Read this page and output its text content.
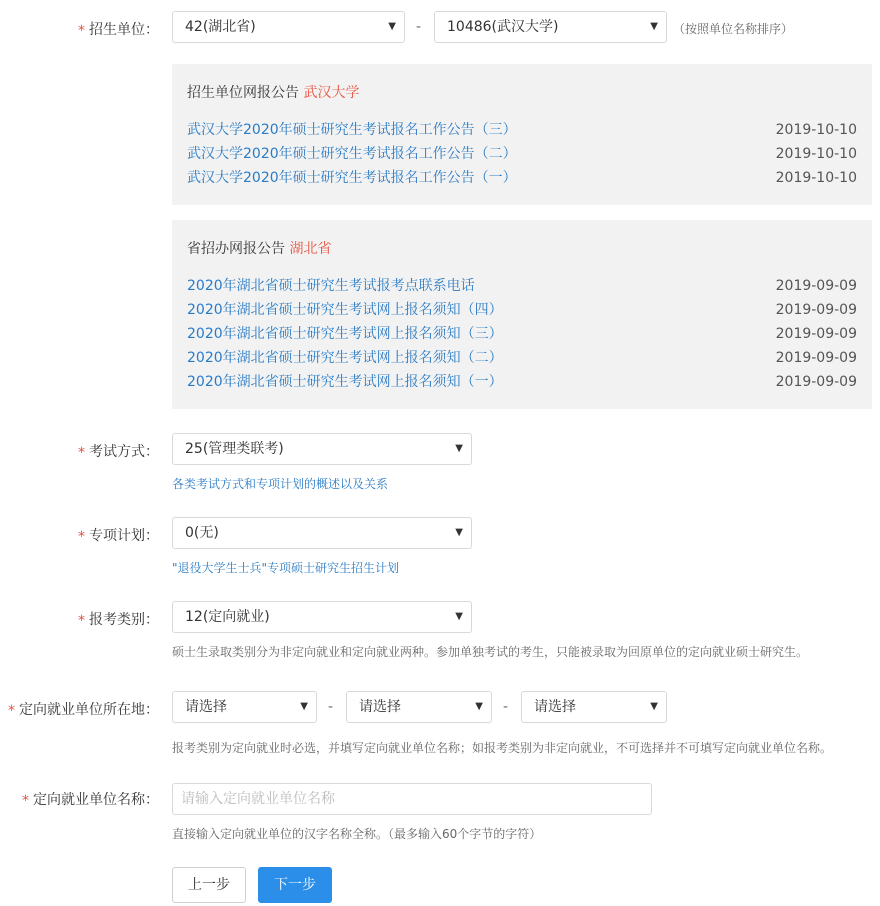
* 招生单位：	42(湖北省)	▼ -	10486(武汉大学)	▼ （按照单位名称排序）
招生单位网报公告 武汉大学
武汉大学2020年硕士研究生考试报名工作公告（三）	2019-10-10
武汉大学2020年硕士研究生考试报名工作公告（二）	2019-10-10
武汉大学2020年硕士研究生考试报名工作公告（一）	2019-10-10
省招办网报公告 湖北省
2020年湖北省硕士研究生考试报考点联系电话	2019-09-09
2020年湖北省硕士研究生考试网上报名须知（四）	2019-09-09
2020年湖北省硕士研究生考试网上报名须知（三）	2019-09-09
2020年湖北省硕士研究生考试网上报名须知（二）	2019-09-09
2020年湖北省硕士研究生考试网上报名须知（一）	2019-09-09
* 考试方式：	25(管理类联考)	▼
各类考试方式和专项计划的概述以及关系
* 专项计划：	0(无)	▼
"退役大学生士兵"专项硕士研究生招生计划
* 报考类别：	12(定向就业)	▼
硕士生录取类别分为非定向就业和定向就业两种。参加单独考试的考生，只能被录取为回原单位的定向就业硕士研究生。
* 定向就业单位所在地：	请选择	▼ -	请选择	▼ -	请选择	▼
报考类别为定向就业时必选，并填写定向就业单位名称；如报考类别为非定向就业，不可选择并不可填写定向就业单位名称。
* 定向就业单位名称：	请输入定向就业单位名称
直接输入定向就业单位的汉字名称全称。（最多输入60个字节的字符）
上一步	下一步
